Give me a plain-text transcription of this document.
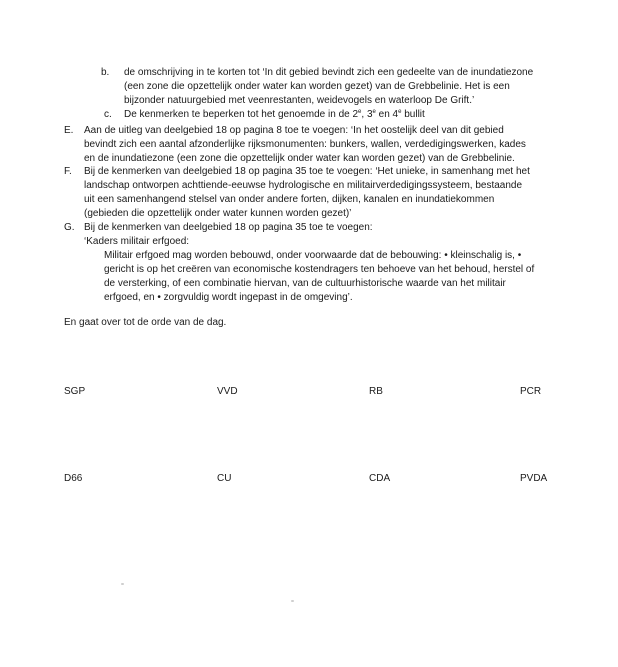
b. de omschrijving in te korten tot ‘In dit gebied bevindt zich een gedeelte van de inundatiezone
(een zone die opzettelijk onder water kan worden gezet) van de Grebbelinie. Het is een
bijzonder natuurgebied met veenrestanten, weidevogels en waterloop De Grift.’
c. De kenmerken te beperken tot het genoemde in de 2e, 3e en 4e bullit
E. Aan de uitleg van deelgebied 18 op pagina 8 toe te voegen: ‘In het oostelijk deel van dit gebied
bevindt zich een aantal afzonderlijke rijksmonumenten: bunkers, wallen, verdedigingswerken, kades
en de inundatiezone (een zone die opzettelijk onder water kan worden gezet) van de Grebbelinie.
F. Bij de kenmerken van deelgebied 18 op pagina 35 toe te voegen: ‘Het unieke, in samenhang met het
landschap ontworpen achttiende-eeuwse hydrologische en militairverdedigingssysteem, bestaande
uit een samenhangend stelsel van onder andere forten, dijken, kanalen en inundatiekommen
(gebieden die opzettelijk onder water kunnen worden gezet)’
G. Bij de kenmerken van deelgebied 18 op pagina 35 toe te voegen:
‘Kaders militair erfgoed:
Militair erfgoed mag worden bebouwd, onder voorwaarde dat de bebouwing: • kleinschalig is, •
gericht is op het creëren van economische kostendragers ten behoeve van het behoud, herstel of
de versterking, of een combinatie hiervan, van de cultuurhistorische waarde van het militair
erfgoed, en • zorgvuldig wordt ingepast in de omgeving’.
En gaat over tot de orde van de dag.
SGP	VVD	RB	PCR
D66	CU	CDA	PVDA
